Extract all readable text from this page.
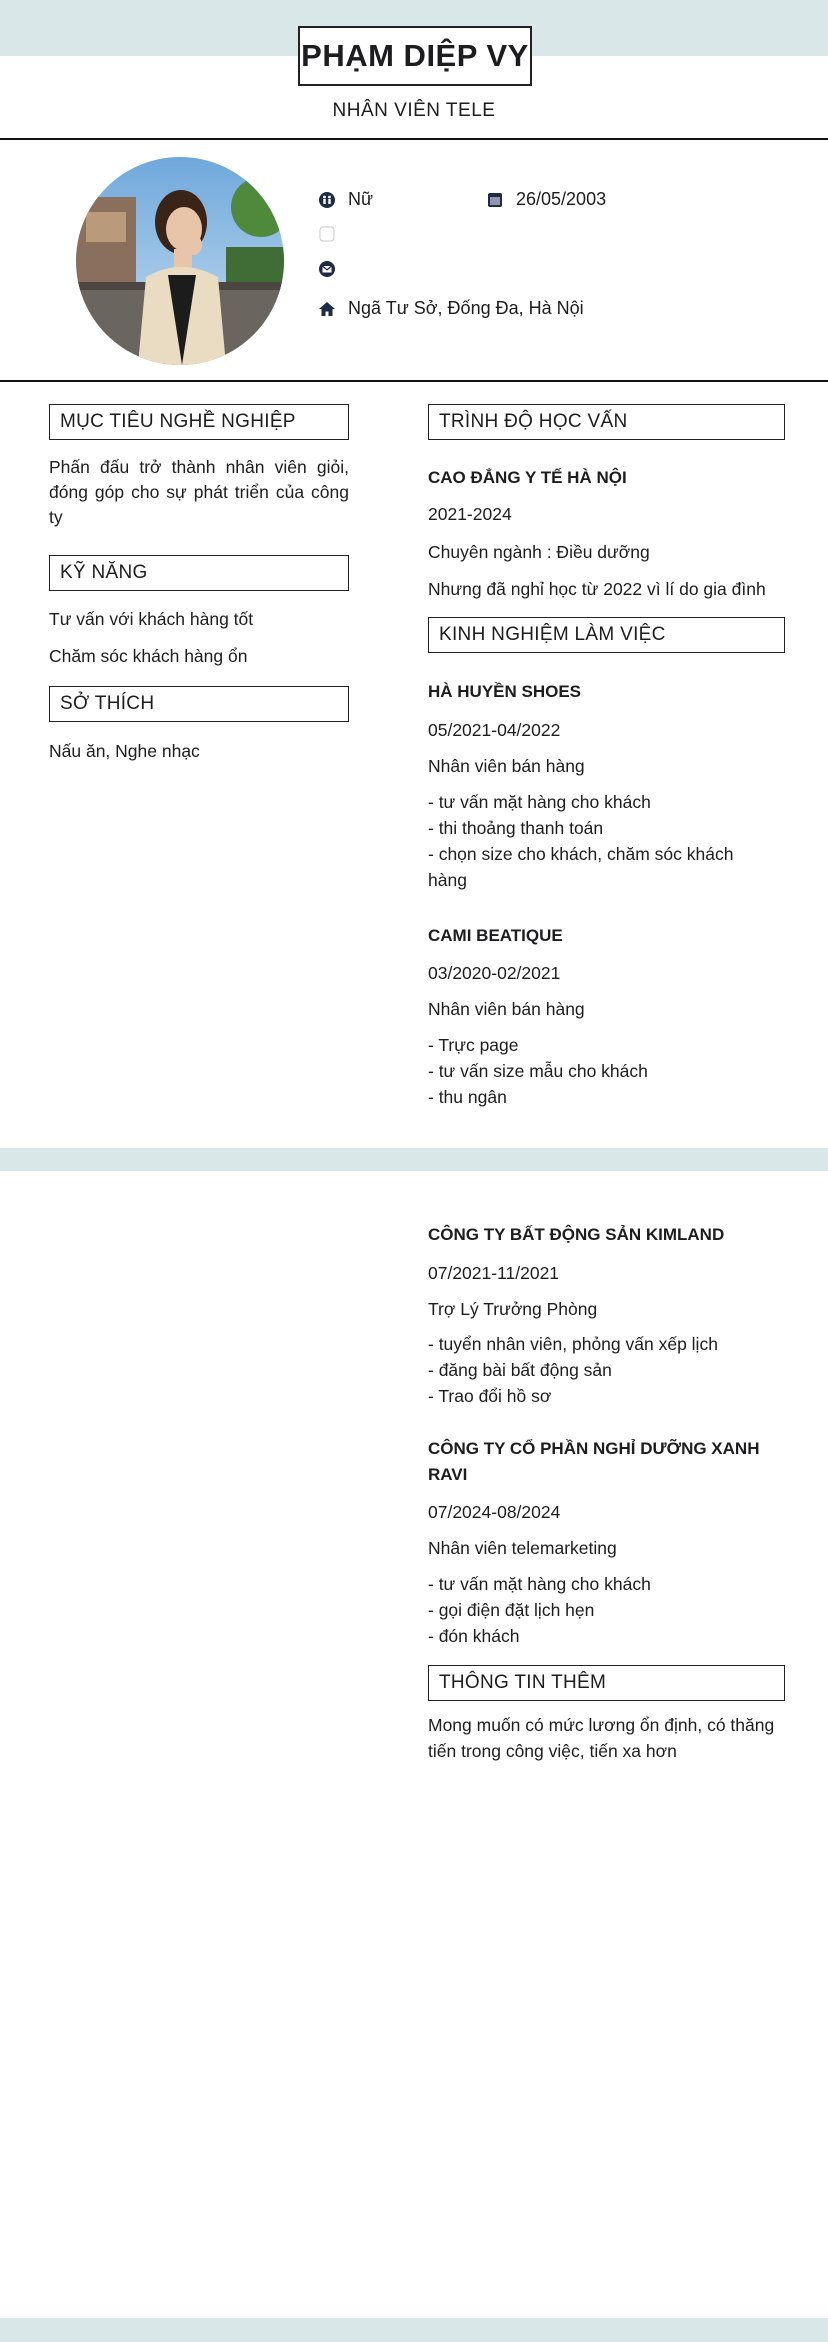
PHẠM DIỆP VY
NHÂN VIÊN TELE
Nữ	26/05/2003
Ngã Tư Sở, Đống Đa, Hà Nội
MỤC TIÊU NGHỀ NGHIỆP
Phấn đấu trở thành nhân viên giỏi, đóng góp cho sự phát triển của công ty
KỸ NĂNG
Tư vấn với khách hàng tốt
Chăm sóc khách hàng ổn
SỞ THÍCH
Nấu ăn, Nghe nhạc
TRÌNH ĐỘ HỌC VẤN
CAO ĐẲNG Y TẾ HÀ NỘI
2021-2024
Chuyên ngành : Điều dưỡng
Nhưng đã nghỉ học từ 2022 vì lí do gia đình
KINH NGHIỆM LÀM VIỆC
HÀ HUYỀN SHOES
05/2021-04/2022
Nhân viên bán hàng
- tư vấn mặt hàng cho khách
- thi thoảng thanh toán
- chọn size cho khách, chăm sóc khách
hàng
CAMI BEATIQUE
03/2020-02/2021
Nhân viên bán hàng
- Trực page
- tư vấn size mẫu cho khách
- thu ngân
CÔNG TY BẤT ĐỘNG SẢN KIMLAND
07/2021-11/2021
Trợ Lý Trưởng Phòng
- tuyển nhân viên, phỏng vấn xếp lịch
- đăng bài bất động sản
- Trao đổi hồ sơ
CÔNG TY CỔ PHẦN NGHỈ DƯỠNG XANH
RAVI
07/2024-08/2024
Nhân viên telemarketing
- tư vấn mặt hàng cho khách
- gọi điện đặt lịch hẹn
- đón khách
THÔNG TIN THÊM
Mong muốn có mức lương ổn định, có thăng
tiến trong công việc, tiến xa hơn
